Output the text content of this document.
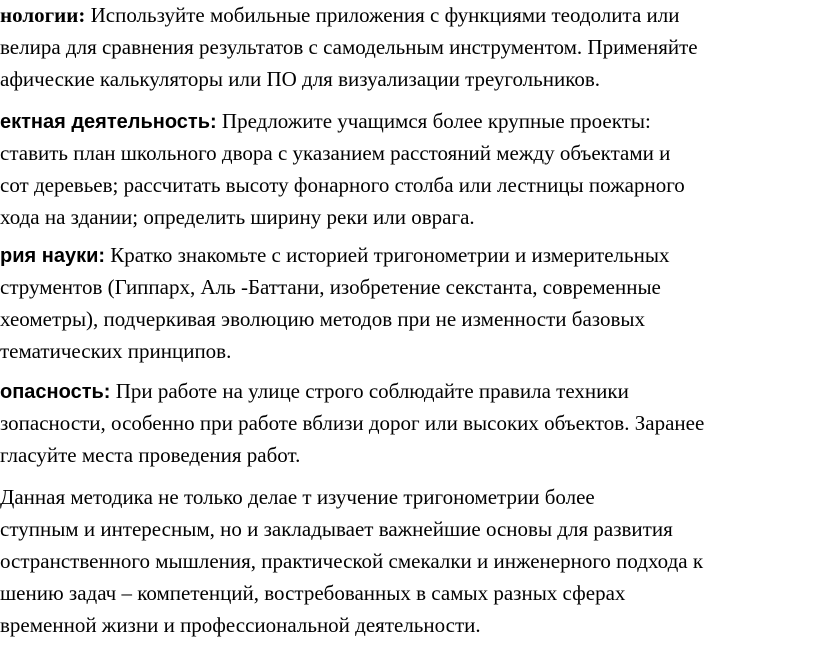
нологии: Используйте мобильные приложения с функциями теодолита или
велира для сравнения результатов с самодельным инструментом. Применяйте
афические калькуляторы или ПО для визуализации треугольников.
ектная деятельность: Предложите учащимся более крупные проекты:
ставить план школьного двора с указанием расстояний между объектами и
сот деревьев; рассчитать высоту фонарного столба или лестницы пожарного
хода на здании; определить ширину реки или оврага.
рия науки: Кратко знакомьте с историей тригонометрии и измерительных
струментов (Гиппарх, Аль -Баттани, изобретение секстанта, современные
хеометры), подчеркивая эволюцию методов при не изменности базовых
тематических принципов.
опасность: При работе на улице строго соблюдайте правила техники
зопасности, особенно при работе вблизи дорог или высоких объектов. Заранее
гласуйте места проведения работ.
Данная методика не только делае т изучение тригонометрии более
ступным и интересным, но и закладывает важнейшие основы для развития
остранственного мышления, практической смекалки и инженерного подхода к
шению задач – компетенций, востребованных в самых разных сферах
временной жизни и профессиональной деятельности.
